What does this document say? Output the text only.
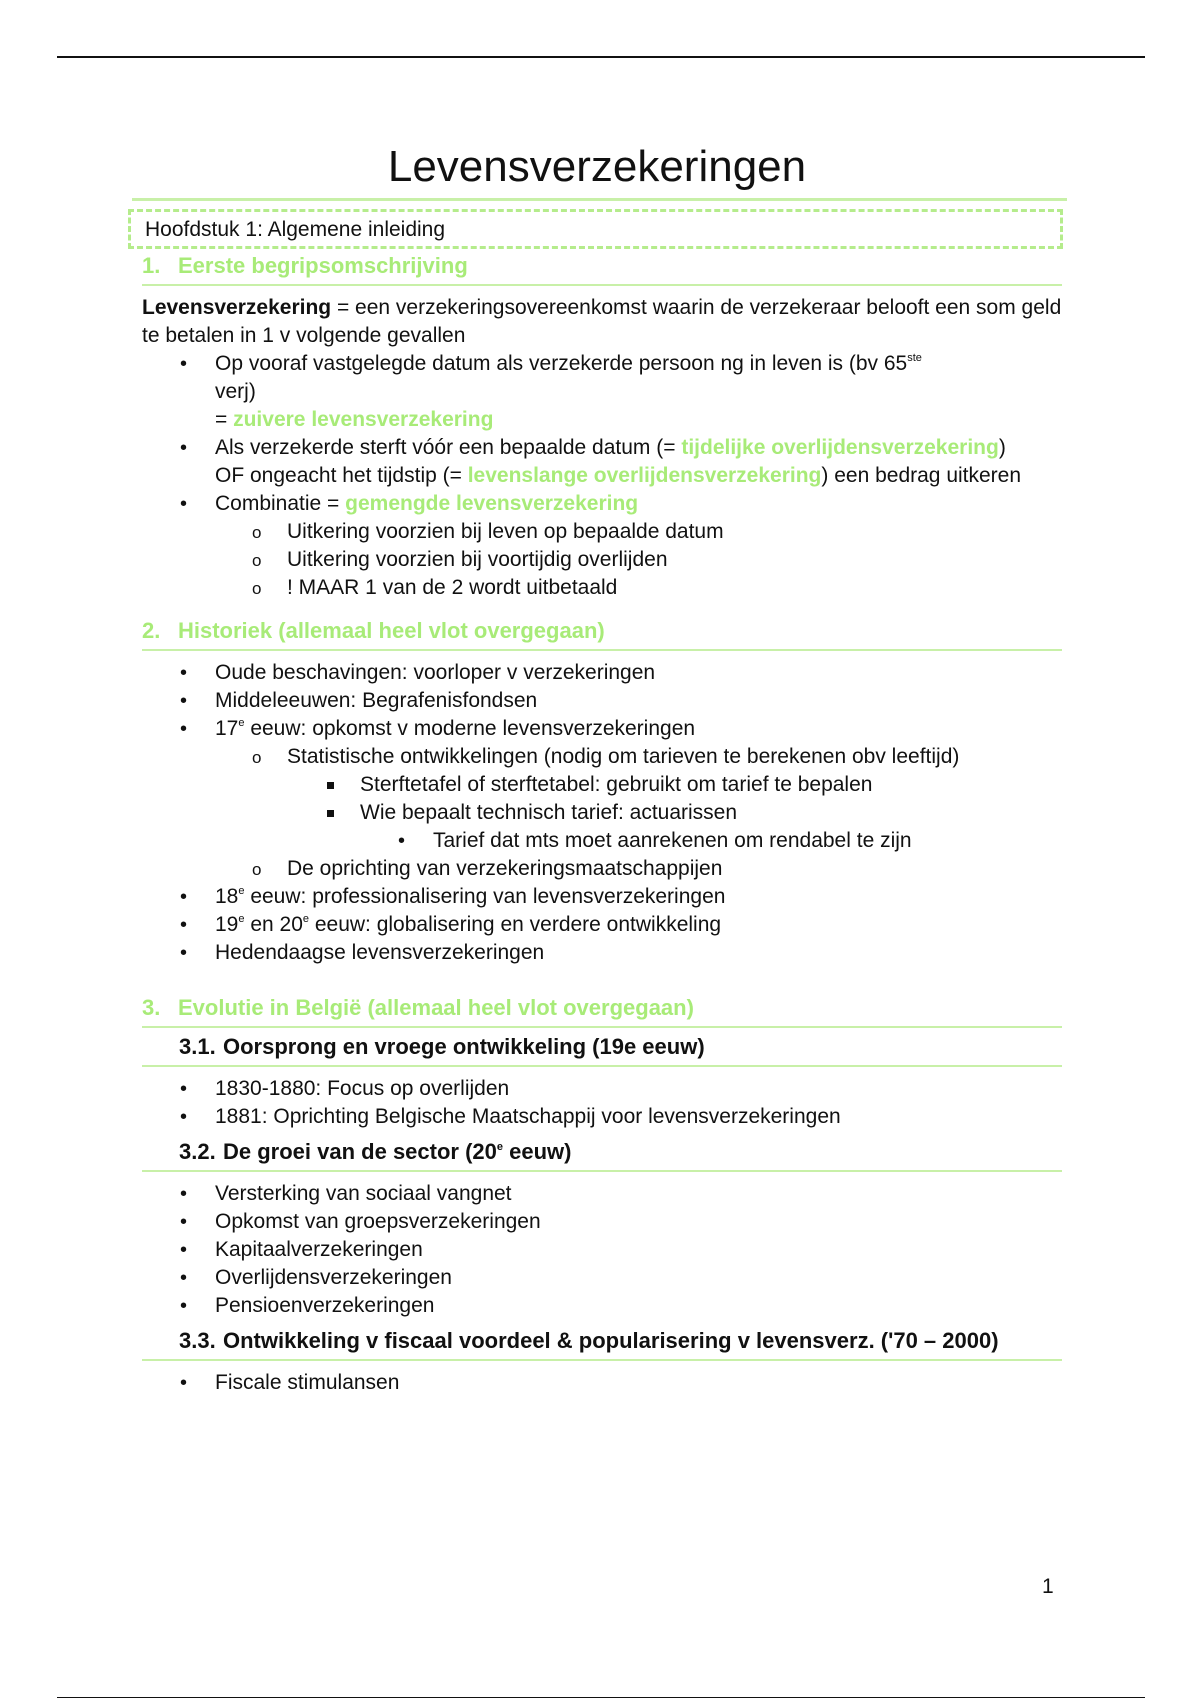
Levensverzekeringen
Hoofdstuk 1: Algemene inleiding
1. Eerste begripsomschrijving
Levensverzekering = een verzekeringsovereenkomst waarin de verzekeraar belooft een som geld te betalen in 1 v volgende gevallen
• Op vooraf vastgelegde datum als verzekerde persoon ng in leven is (bv 65ste
verj)
= zuivere levensverzekering
• Als verzekerde sterft vóór een bepaalde datum (= tijdelijke overlijdensverzekering)
OF ongeacht het tijdstip (= levenslange overlijdensverzekering) een bedrag uitkeren
• Combinatie = gemengde levensverzekering
o Uitkering voorzien bij leven op bepaalde datum
o Uitkering voorzien bij voortijdig overlijden
o ! MAAR 1 van de 2 wordt uitbetaald
2. Historiek (allemaal heel vlot overgegaan)
• Oude beschavingen: voorloper v verzekeringen
• Middeleeuwen: Begrafenisfondsen
• 17e eeuw: opkomst v moderne levensverzekeringen
o Statistische ontwikkelingen (nodig om tarieven te berekenen obv leeftijd)
Sterftetafel of sterftetabel: gebruikt om tarief te bepalen
Wie bepaalt technisch tarief: actuarissen
• Tarief dat mts moet aanrekenen om rendabel te zijn
o De oprichting van verzekeringsmaatschappijen
• 18e eeuw: professionalisering van levensverzekeringen
• 19e en 20e eeuw: globalisering en verdere ontwikkeling
• Hedendaagse levensverzekeringen
3. Evolutie in België (allemaal heel vlot overgegaan)
3.1. Oorsprong en vroege ontwikkeling (19e eeuw)
• 1830-1880: Focus op overlijden
• 1881: Oprichting Belgische Maatschappij voor levensverzekeringen
3.2. De groei van de sector (20e eeuw)
• Versterking van sociaal vangnet
• Opkomst van groepsverzekeringen
• Kapitaalverzekeringen
• Overlijdensverzekeringen
• Pensioenverzekeringen
3.3. Ontwikkeling v fiscaal voordeel & popularisering v levensverz. ('70 – 2000)
• Fiscale stimulansen
1
